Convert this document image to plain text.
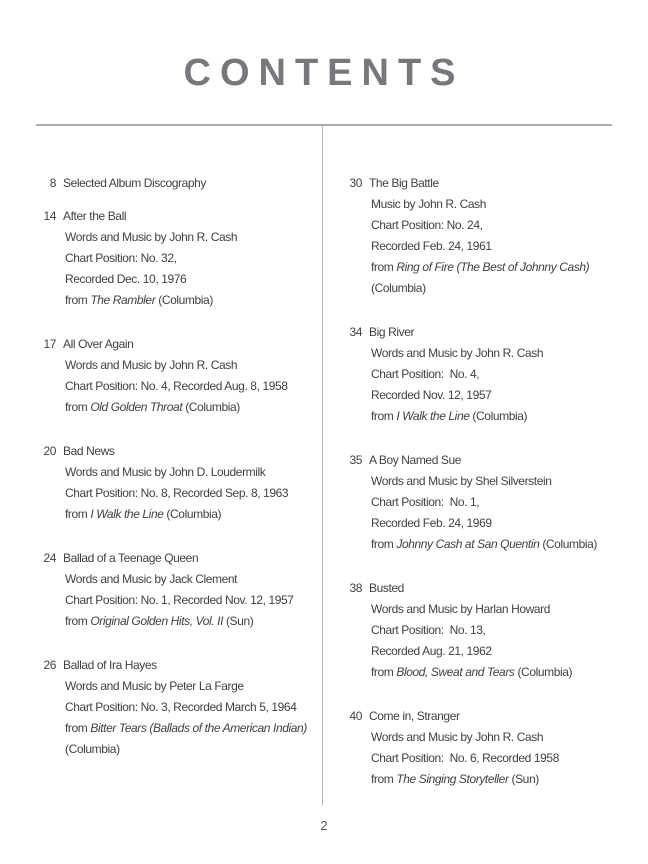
CONTENTS
8 Selected Album Discography
14 After the Ball
Words and Music by John R. Cash
Chart Position: No. 32,
Recorded Dec. 10, 1976
from The Rambler (Columbia)
17 All Over Again
Words and Music by John R. Cash
Chart Position: No. 4, Recorded Aug. 8, 1958
from Old Golden Throat (Columbia)
20 Bad News
Words and Music by John D. Loudermilk
Chart Position: No. 8, Recorded Sep. 8, 1963
from I Walk the Line (Columbia)
24 Ballad of a Teenage Queen
Words and Music by Jack Clement
Chart Position: No. 1, Recorded Nov. 12, 1957
from Original Golden Hits, Vol. II (Sun)
26 Ballad of Ira Hayes
Words and Music by Peter La Farge
Chart Position: No. 3, Recorded March 5, 1964
from Bitter Tears (Ballads of the American Indian)
(Columbia)
30 The Big Battle
Music by John R. Cash
Chart Position: No. 24,
Recorded Feb. 24, 1961
from Ring of Fire (The Best of Johnny Cash)
(Columbia)
34 Big River
Words and Music by John R. Cash
Chart Position:  No. 4,
Recorded Nov. 12, 1957
from I Walk the Line (Columbia)
35 A Boy Named Sue
Words and Music by Shel Silverstein
Chart Position:  No. 1,
Recorded Feb. 24, 1969
from Johnny Cash at San Quentin (Columbia)
38 Busted
Words and Music by Harlan Howard
Chart Position:  No. 13,
Recorded Aug. 21, 1962
from Blood, Sweat and Tears (Columbia)
40 Come in, Stranger
Words and Music by John R. Cash
Chart Position:  No. 6, Recorded 1958
from The Singing Storyteller (Sun)
2
